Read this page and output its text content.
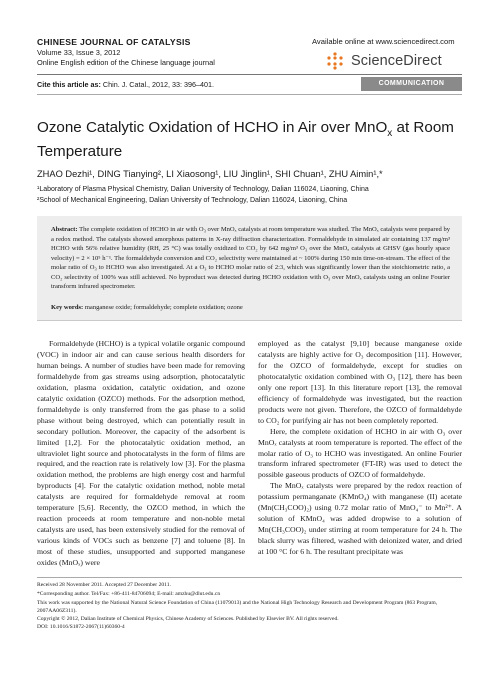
CHINESE JOURNAL OF CATALYSIS
Volume 33, Issue 3, 2012
Online English edition of the Chinese language journal
Available online at www.sciencedirect.com
ScienceDirect
Cite this article as: Chin. J. Catal., 2012, 33: 396–401.	COMMUNICATION
Ozone Catalytic Oxidation of HCHO in Air over MnO$_x$ at Room Temperature
ZHAO Dezhi¹, DING Tianying², LI Xiaosong¹, LIU Jinglin¹, SHI Chuan¹, ZHU Aimin¹,*
¹Laboratory of Plasma Physical Chemistry, Dalian University of Technology, Dalian 116024, Liaoning, China
²School of Mechanical Engineering, Dalian University of Technology, Dalian 116024, Liaoning, China
Abstract: The complete oxidation of HCHO in air with O₃ over MnOₓ catalysts at room temperature was studied. The MnOₓ catalysts were prepared by a redox method. The catalysts showed amorphous patterns in X-ray diffraction characterization. Formaldehyde in simulated air containing 137 mg/m³ HCHO with 56% relative humidity (RH, 25 °C) was totally oxidized to CO₂ by 642 mg/m³ O₃ over the MnOₓ catalysts at GHSV (gas hourly space velocity) = 2 × 10⁵ h⁻¹. The formaldehyde conversion and CO₂ selectivity were maintained at ~ 100% during 150 min time-on-stream. The effect of the molar ratio of O₃ to HCHO was also investigated. At a O₃ to HCHO molar ratio of 2:3, which was significantly lower than the stoichiometric ratio, a CO₂ selectivity of 100% was still achieved. No byproduct was detected during HCHO oxidation with O₃ over MnOₓ catalysts using an online Fourier transform infrared spectrometer.
Key words: manganese oxide; formaldehyde; complete oxidation; ozone

Formaldehyde (HCHO) is a typical volatile organic compound (VOC) in indoor air and can cause serious health disorders for human beings. A number of studies have been made for removing formaldehyde from gas streams using adsorption, photocatalytic oxidation, plasma oxidation, catalytic oxidation, and ozone catalytic oxidation (OZCO) methods. For the adsorption method, formaldehyde is only transferred from the gas phase to a solid phase without being destroyed, which can potentially result in secondary pollution. Moreover, the capacity of the adsorbent is limited [1,2]. For the photocatalytic oxidation method, an ultraviolet light source and photocatalysts in the form of films are required, and the reaction rate is relatively low [3]. For the plasma oxidation method, the problems are high energy cost and harmful byproducts [4]. For the catalytic oxidation method, noble metal catalysts are required for formaldehyde removal at room temperature [5,6]. Recently, the OZCO method, in which the reaction proceeds at room temperature and non-noble metal catalysts are used, has been extensively studied for the removal of various kinds of VOCs such as benzene [7] and toluene [8]. In most of these studies, unsupported and supported manganese oxides (MnOₓ) were

employed as the catalyst [9,10] because manganese oxide catalysts are highly active for O₃ decomposition [11]. However, for the OZCO of formaldehyde, except for studies on photocatalytic oxidation combined with O₃ [12], there has been only one report [13]. In this literature report [13], the removal efficiency of formaldehyde was investigated, but the reaction products were not given. Therefore, the OZCO of formaldehyde to CO₂ for purifying air has not been completely reported.

Here, the complete oxidation of HCHO in air with O₃ over MnOₓ catalysts at room temperature is reported. The effect of the molar ratio of O₃ to HCHO was investigated. An online Fourier transform infrared spectrometer (FT-IR) was used to detect the possible gaseous products of OZCO of formaldehyde.

The MnOₓ catalysts were prepared by the redox reaction of potassium permanganate (KMnO₄) with manganese (II) acetate (Mn(CH₃COO)₂) using 0.72 molar ratio of MnO₄⁻ to Mn²⁺. A solution of KMnO₄ was added dropwise to a solution of Mn(CH₃COO)₂ under stirring at room temperature for 24 h. The black slurry was filtered, washed with deionized water, and dried at 100 °C for 6 h. The resultant precipitate was

Received 28 November 2011. Accepted 27 December 2011.
*Corresponding author. Tel/Fax: +86-411-84706094; E-mail: amzhu@dlut.edu.cn
This work was supported by the National Natural Science Foundation of China (11079013) and the National High Technology Research and Development Program (863 Program, 2007AA06Z311).
Copyright © 2012, Dalian Institute of Chemical Physics, Chinese Academy of Sciences. Published by Elsevier BV. All rights reserved.
DOI: 10.1016/S1872-2067(11)60360-4
